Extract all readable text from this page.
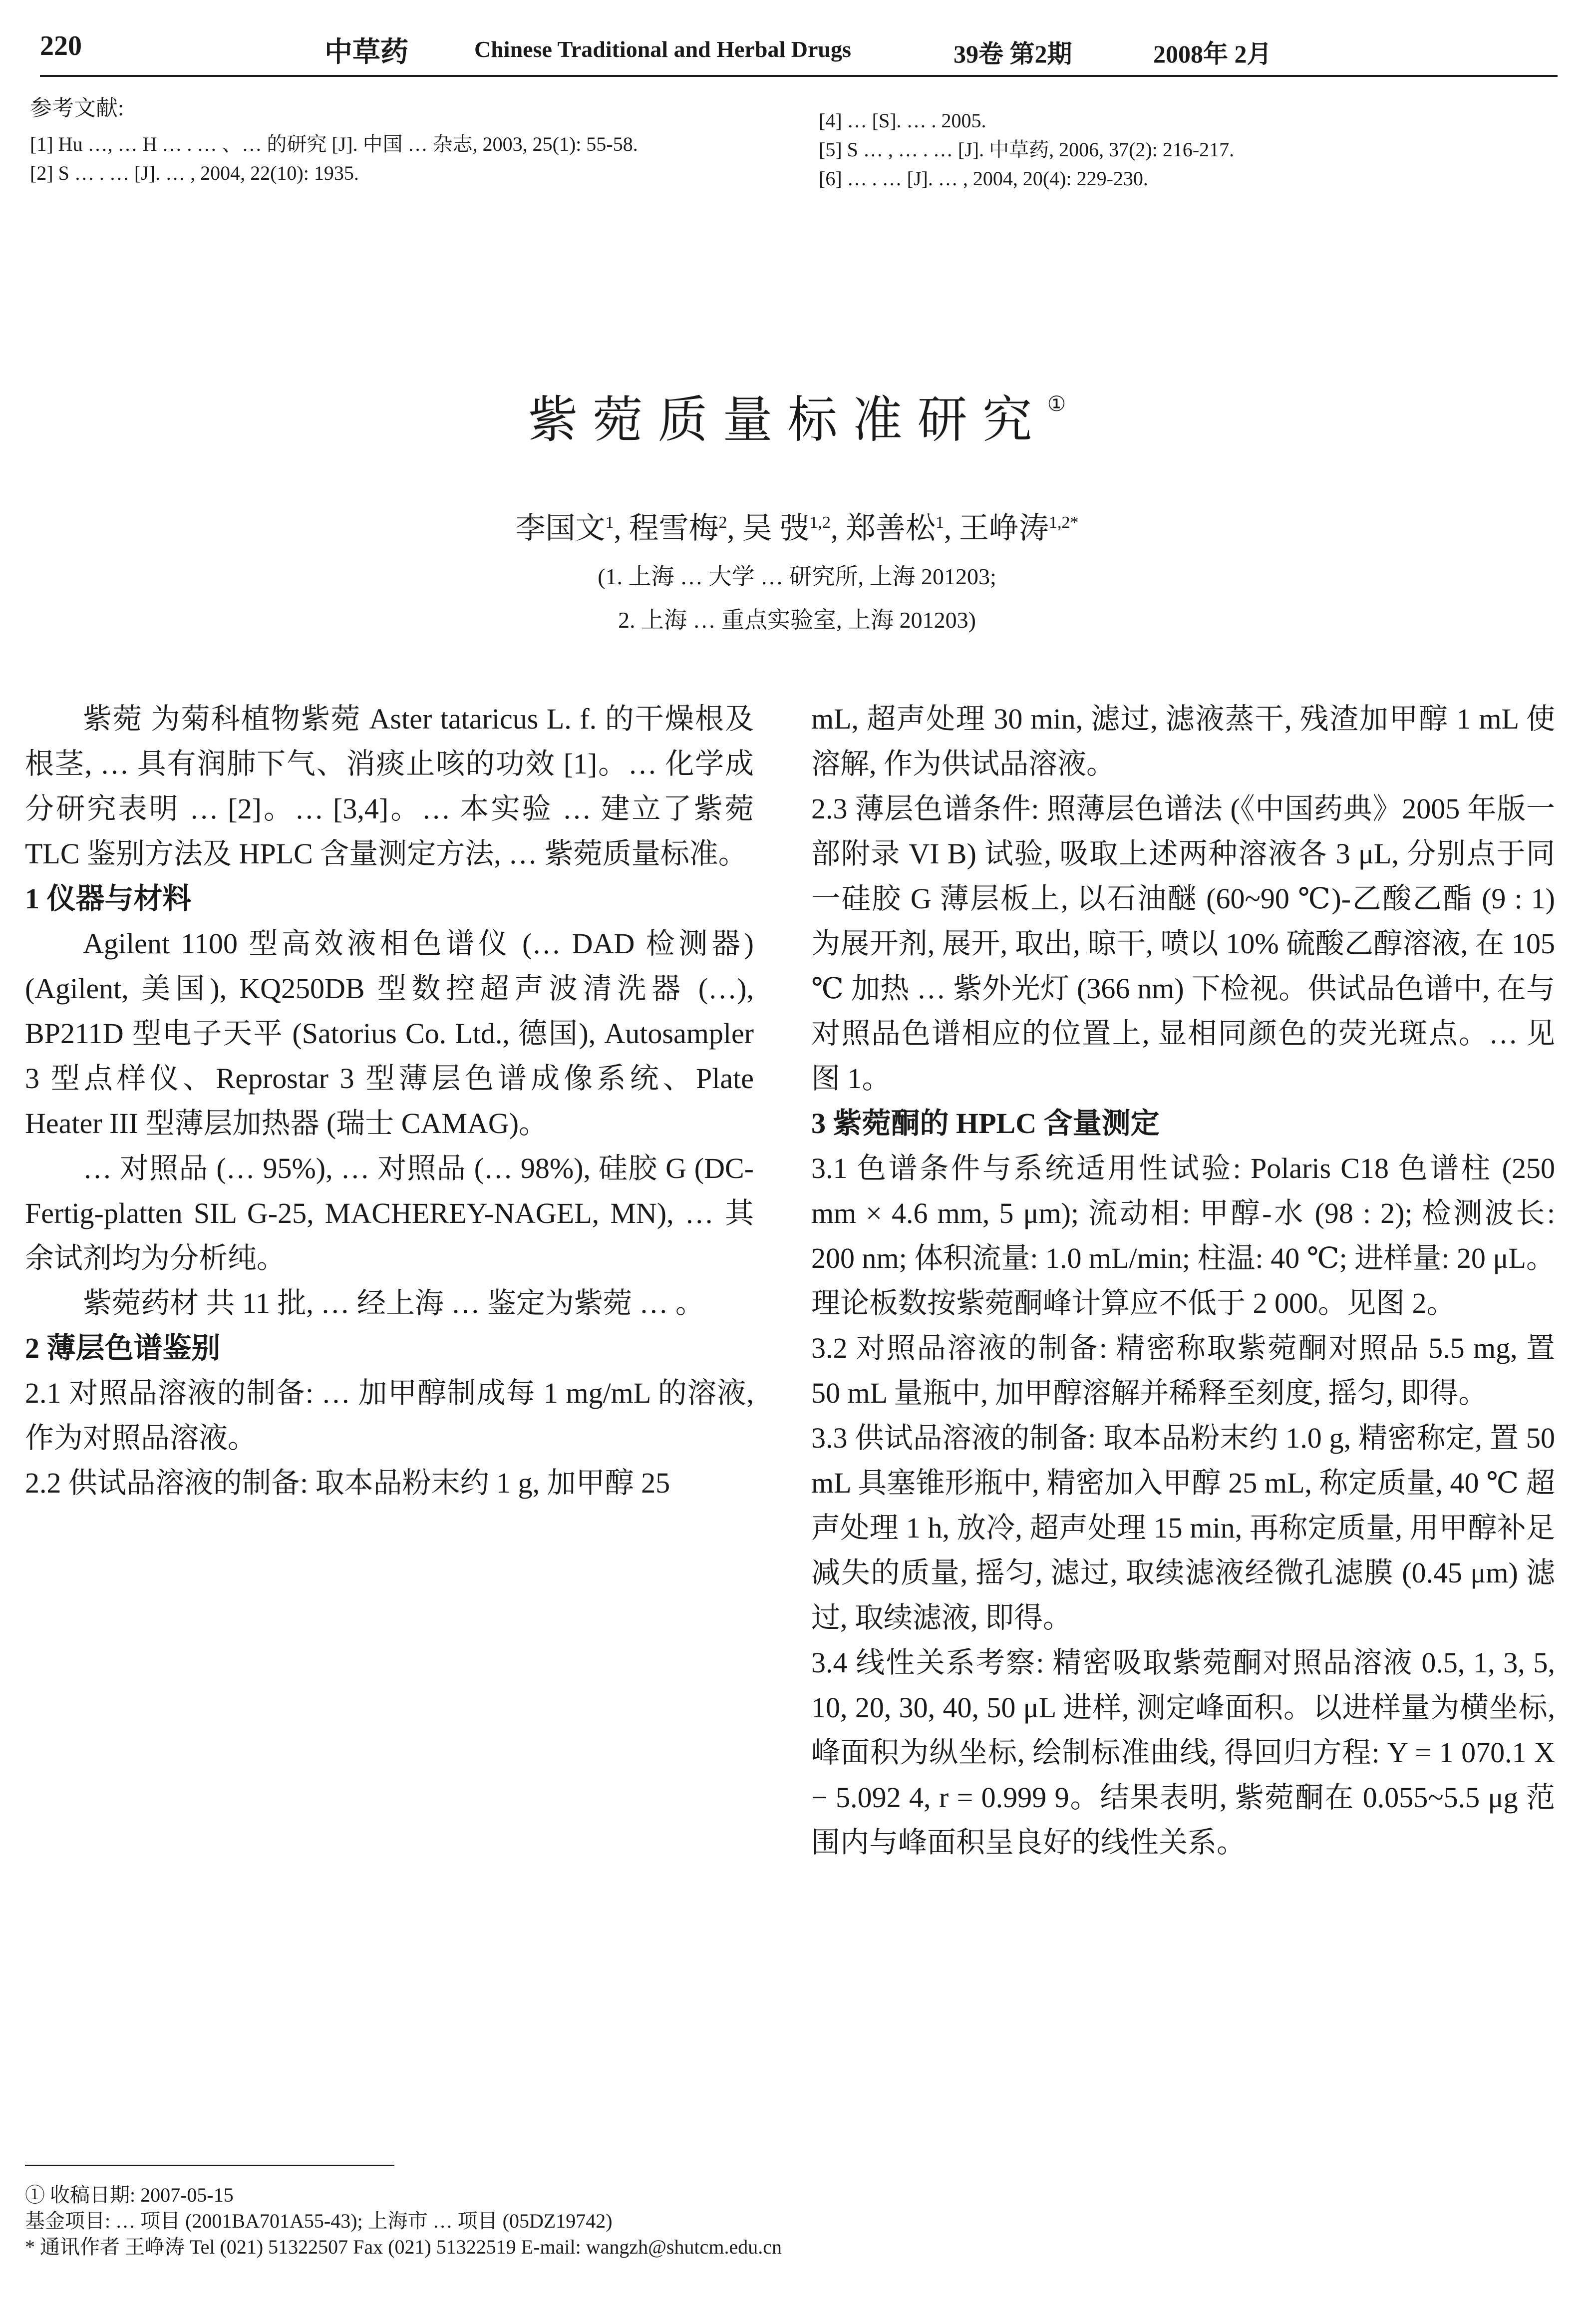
220	中草药	Chinese Traditional and Herbal Drugs	39卷 第2期	2008年 2月
参考文献:
[1] Hu …, … H … . … 、… 的研究 [J]. 中国 … 杂志, 2003, 25(1): 55-58.
[2] S … . … [J]. … , 2004, 22(10): 1935.
[4] … [S]. … . 2005.
[5] S … , … . … [J]. 中草药, 2006, 37(2): 216-217.
[6] … . … [J]. … , 2004, 20(4): 229-230.
紫菀质量标准研究①
李国文$^1$, 程雪梅$^2$, 吴 弢$^{1,2}$, 郑善松$^1$, 王峥涛$^{1,2*}$
(1. 上海 … 大学 … 研究所, 上海 201203;
2. 上海 … 重点实验室, 上海 201203)

紫菀 为菊科植物紫菀 Aster tataricus L. f. 的干燥根及根茎, … 具有润肺下气、消痰止咳的功效 [1]。… 化学成分研究表明 … [2]。… [3,4]。… 本实验 … 建立了紫菀 TLC 鉴别方法及 HPLC 含量测定方法, … 紫菀质量标准。

1 仪器与材料

Agilent 1100 型高效液相色谱仪 (… DAD 检测器) (Agilent, 美国), KQ250DB 型数控超声波清洗器 (…), BP211D 型电子天平 (Satorius Co. Ltd., 德国), Autosampler 3 型点样仪、Reprostar 3 型薄层色谱成像系统、Plate Heater III 型薄层加热器 (瑞士 CAMAG)。

… 对照品 (… 95%), … 对照品 (… 98%), 硅胶 G (DC-Fertig-platten SIL G-25, MACHEREY-NAGEL, MN), … 其余试剂均为分析纯。

紫菀药材 共 11 批, … 经上海 … 鉴定为紫菀 … 。

2 薄层色谱鉴别

2.1 对照品溶液的制备: … 加甲醇制成每 1 mg/mL 的溶液, 作为对照品溶液。

2.2 供试品溶液的制备: 取本品粉末约 1 g, 加甲醇 25

mL, 超声处理 30 min, 滤过, 滤液蒸干, 残渣加甲醇 1 mL 使溶解, 作为供试品溶液。

2.3 薄层色谱条件: 照薄层色谱法 (《中国药典》2005 年版一部附录 VI B) 试验, 吸取上述两种溶液各 3 μL, 分别点于同一硅胶 G 薄层板上, 以石油醚 (60~90 ℃)-乙酸乙酯 (9 : 1) 为展开剂, 展开, 取出, 晾干, 喷以 10% 硫酸乙醇溶液, 在 105 ℃ 加热 … 紫外光灯 (366 nm) 下检视。供试品色谱中, 在与对照品色谱相应的位置上, 显相同颜色的荧光斑点。… 见图 1。

3 紫菀酮的 HPLC 含量测定

3.1 色谱条件与系统适用性试验: Polaris C18 色谱柱 (250 mm × 4.6 mm, 5 μm); 流动相: 甲醇-水 (98 : 2); 检测波长: 200 nm; 体积流量: 1.0 mL/min; 柱温: 40 ℃; 进样量: 20 μL。理论板数按紫菀酮峰计算应不低于 2 000。见图 2。

3.2 对照品溶液的制备: 精密称取紫菀酮对照品 5.5 mg, 置 50 mL 量瓶中, 加甲醇溶解并稀释至刻度, 摇匀, 即得。

3.3 供试品溶液的制备: 取本品粉末约 1.0 g, 精密称定, 置 50 mL 具塞锥形瓶中, 精密加入甲醇 25 mL, 称定质量, 40 ℃ 超声处理 1 h, 放冷, 超声处理 15 min, 再称定质量, 用甲醇补足减失的质量, 摇匀, 滤过, 取续滤液经微孔滤膜 (0.45 μm) 滤过, 取续滤液, 即得。

3.4 线性关系考察: 精密吸取紫菀酮对照品溶液 0.5, 1, 3, 5, 10, 20, 30, 40, 50 μL 进样, 测定峰面积。以进样量为横坐标, 峰面积为纵坐标, 绘制标准曲线, 得回归方程: Y = 1 070.1 X − 5.092 4, r = 0.999 9。结果表明, 紫菀酮在 0.055~5.5 μg 范围内与峰面积呈良好的线性关系。

① 收稿日期: 2007-05-15
基金项目: … 项目 (2001BA701A55-43); 上海市 … 项目 (05DZ19742)
* 通讯作者 王峥涛 Tel (021) 51322507 Fax (021) 51322519 E-mail: wangzh@shutcm.edu.cn
